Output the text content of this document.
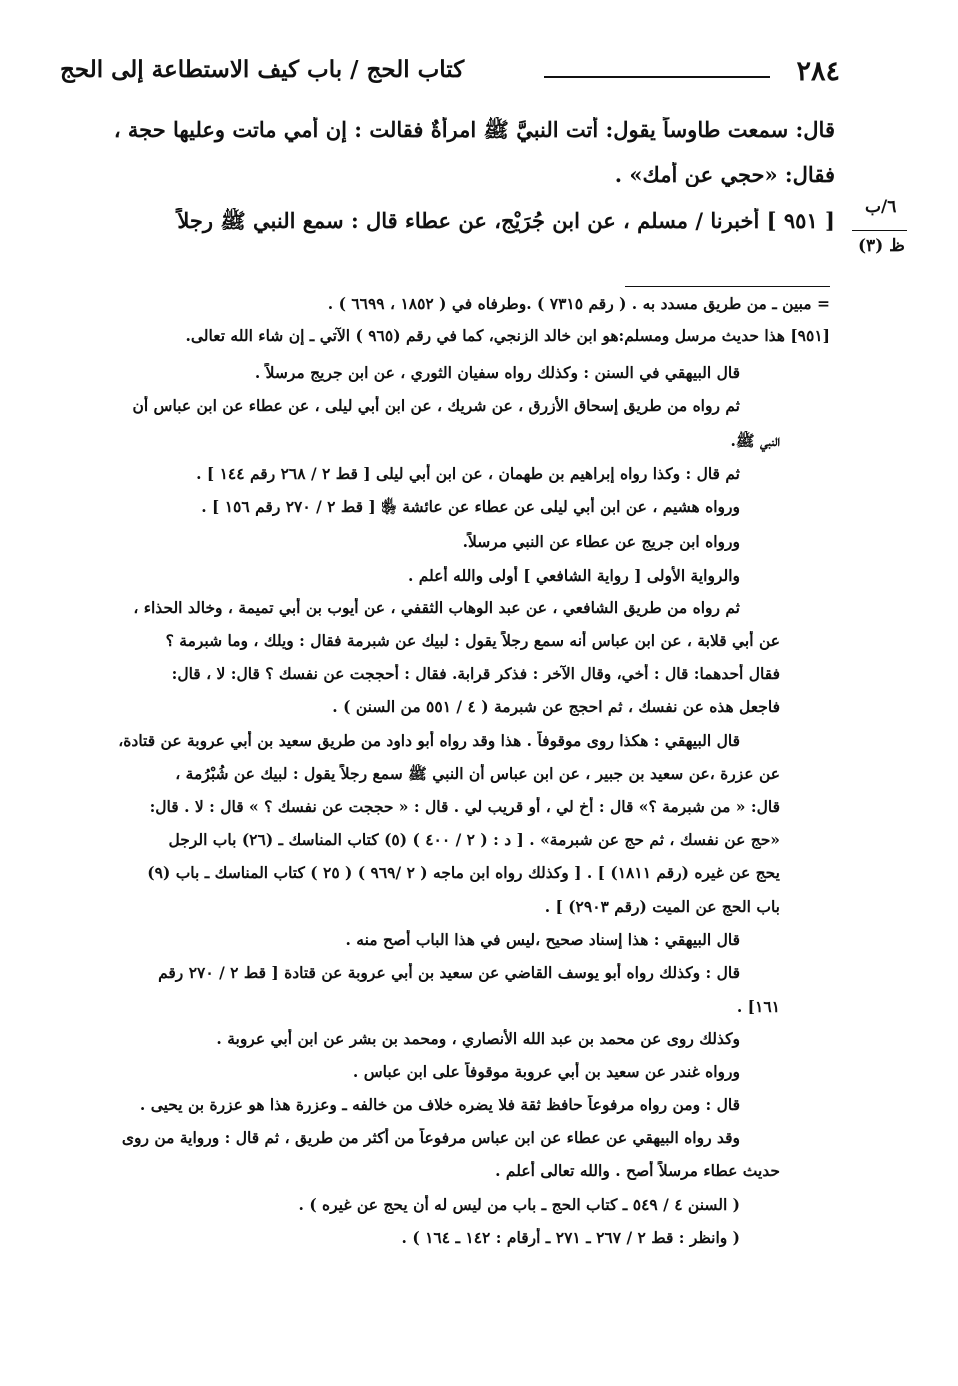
٢٨٤
كتاب الحج / باب كيف الاستطاعة إلى الحج
قال: سمعت طاوساً يقول: أتت النبيَّ ﷺ امرأةٌ فقالت : إن أمي ماتت وعليها حجة ،
فقال: «حجي عن أمك» .
[ ٩٥١ ] أخبرنا / مسلم ، عن ابن جُرَيْج، عن عطاء قال : سمع النبي ﷺ رجلاً
٦/ب
ظ (٣)
= مبين ـ من طريق مسدد به . ( رقم ٧٣١٥ ) .وطرفاه في ( ١٨٥٢ ، ٦٦٩٩ ) .
[٩٥١] هذا حديث مرسل ومسلم:هو ابن خالد الزنجي، كما في رقم (٩٦٥ ) الآتي ـ إن شاء الله تعالى.
قال البيهقي في السنن : وكذلك رواه سفيان الثوري ، عن ابن جريج مرسلاً .
ثم رواه من طريق إسحاق الأزرق ، عن شريك ، عن ابن أبي ليلى ، عن عطاء عن ابن عباس أن
النبي ﷺ.
ثم قال : وكذا رواه إبراهيم بن طهمان ، عن ابن أبي ليلى [ قط ٢ / ٢٦٨ رقم ١٤٤ ] .
ورواه هشيم ، عن ابن أبي ليلى عن عطاء عن عائشة ﵂ [ قط ٢ / ٢٧٠ رقم ١٥٦ ] .
ورواه ابن جريج عن عطاء عن النبي مرسلاً.
والرواية الأولى [ رواية الشافعي ] أولى والله أعلم .
ثم رواه من طريق الشافعي ، عن عبد الوهاب الثقفي ، عن أيوب بن أبي تميمة ، وخالد الحذاء ،
عن أبي قلابة ، عن ابن عباس أنه سمع رجلاً يقول : لبيك عن شبرمة فقال : ويلك ، وما شبرمة ؟
فقال أحدهما: قال : أخي، وقال الآخر : فذكر قرابة. فقال : أحججت عن نفسك ؟ قال: لا ، قال:
فاجعل هذه عن نفسك ، ثم احجج عن شبرمة ( ٤ / ٥٥١ من السنن ) .
قال البيهقي : هكذا روى موقوفاً . هذا وقد رواه أبو داود من طريق سعيد بن أبي عروبة عن قتادة،
عن عزرة ،عن سعيد بن جبير ، عن ابن عباس أن النبي ﷺ سمع رجلاً يقول : لبيك عن شُبْرُمة ،
قال: « من شبرمة ؟» قال : أخ لي ، أو قريب لي . قال : « حججت عن نفسك ؟ » قال : لا . قال:
«حج عن نفسك ، ثم حج عن شبرمة» . [ د : ( ٢ / ٤٠٠ ) (٥) كتاب المناسك ـ (٢٦) باب الرجل
يحج عن غيره (رقم ١٨١١) ] . [ وكذلك رواه ابن ماجه ( ٢ /٩٦٩ ) ( ٢٥ ) كتاب المناسك ـ باب (٩)
باب الحج عن الميت (رقم ٢٩٠٣) ] .
قال البيهقي : هذا إسناد صحيح ،ليس في هذا الباب أصح منه .
قال : وكذلك رواه أبو يوسف القاضي عن سعيد بن أبي عروبة عن قتادة [ قط ٢ / ٢٧٠ رقم
١٦١] .
وكذلك روى عن محمد بن عبد الله الأنصاري ، ومحمد بن بشر عن ابن أبي عروبة .
ورواه غندر عن سعيد بن أبي عروبة موقوفاً على ابن عباس .
قال : ومن رواه مرفوعاً حافظ ثقة فلا يضره خلاف من خالفه ـ وعزرة هذا هو عزرة بن يحيى .
وقد رواه البيهقي عن عطاء عن ابن عباس مرفوعاً من أكثر من طريق ، ثم قال : ورواية من روى
حديث عطاء مرسلاً أصح . والله تعالى أعلم .
( السنن ٤ / ٥٤٩ ـ كتاب الحج ـ باب من ليس له أن يحج عن غيره ) .
( وانظر : قط ٢ / ٢٦٧ ـ ٢٧١ ـ أرقام : ١٤٢ ـ ١٦٤ ) .
